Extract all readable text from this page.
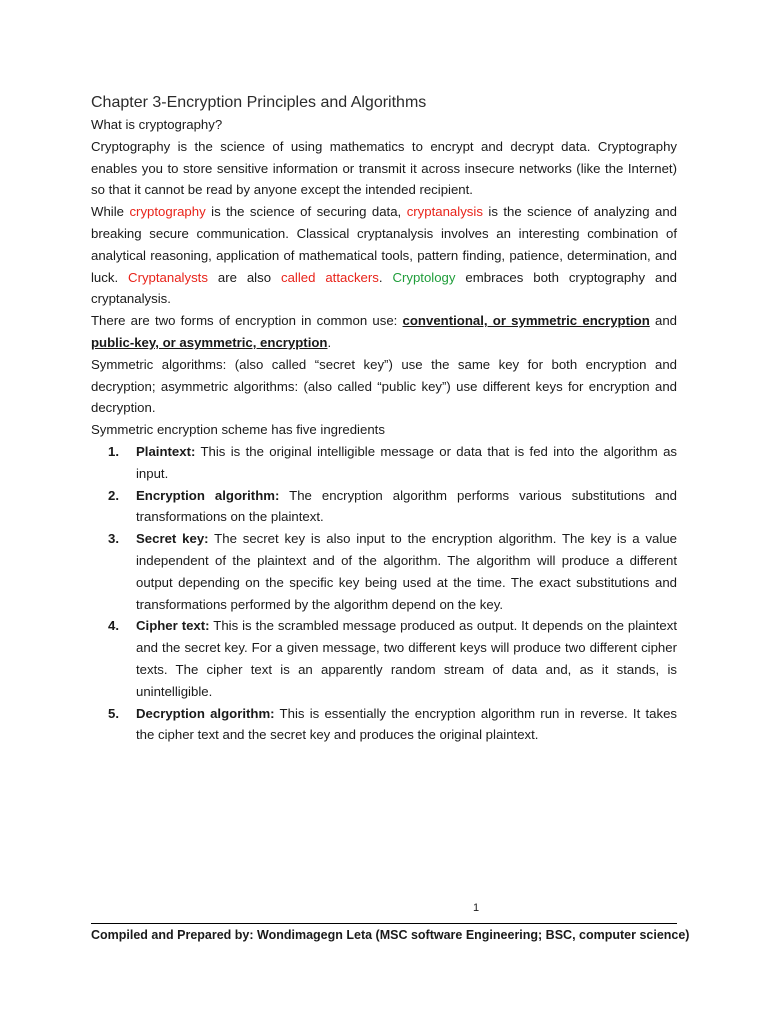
Chapter 3-Encryption Principles and Algorithms

What is cryptography?

Cryptography is the science of using mathematics to encrypt and decrypt data. Cryptography enables you to store sensitive information or transmit it across insecure networks (like the Internet) so that it cannot be read by anyone except the intended recipient.

While cryptography is the science of securing data, cryptanalysis is the science of analyzing and breaking secure communication. Classical cryptanalysis involves an interesting combination of analytical reasoning, application of mathematical tools, pattern finding, patience, determination, and luck. Cryptanalysts are also called attackers. Cryptology embraces both cryptography and cryptanalysis.

There are two forms of encryption in common use: conventional, or symmetric encryption and public-key, or asymmetric, encryption.

Symmetric algorithms: (also called “secret key”) use the same key for both encryption and decryption; asymmetric algorithms: (also called “public key”) use different keys for encryption and decryption.

Symmetric encryption scheme has five ingredients

1. Plaintext: This is the original intelligible message or data that is fed into the algorithm as input.
2. Encryption algorithm: The encryption algorithm performs various substitutions and transformations on the plaintext.
3. Secret key: The secret key is also input to the encryption algorithm. The key is a value independent of the plaintext and of the algorithm. The algorithm will produce a different output depending on the specific key being used at the time. The exact substitutions and transformations performed by the algorithm depend on the key.
4. Cipher text: This is the scrambled message produced as output. It depends on the plaintext and the secret key. For a given message, two different keys will produce two different cipher texts. The cipher text is an apparently random stream of data and, as it stands, is unintelligible.
5. Decryption algorithm: This is essentially the encryption algorithm run in reverse. It takes the cipher text and the secret key and produces the original plaintext.
1
Compiled and Prepared by: Wondimagegn Leta (MSC software Engineering; BSC, computer science)
